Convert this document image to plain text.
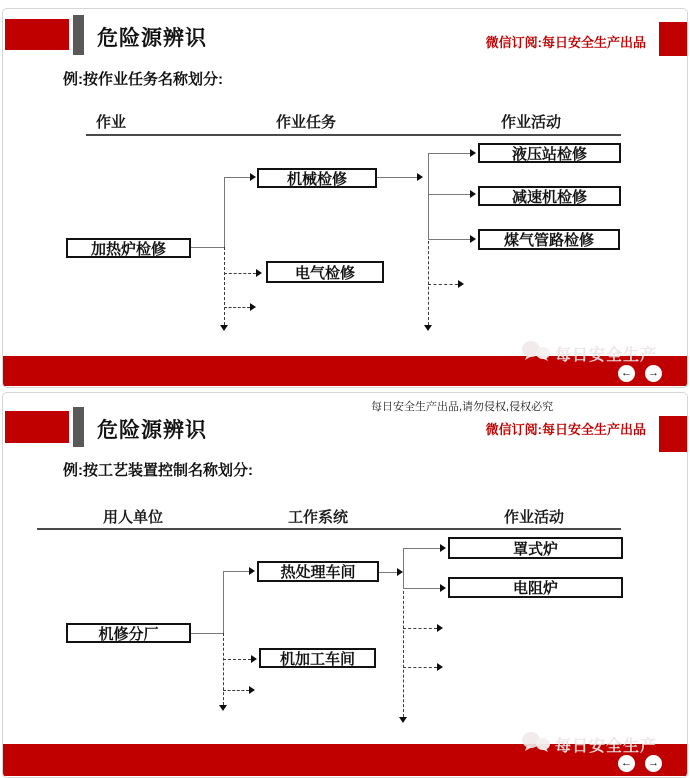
危险源辨识	微信订阅:每日安全生产出品
例:按作业任务名称划分:
作业	作业任务	作业活动
加热炉检修
机械检修
电气检修
液压站检修
减速机检修
煤气管路检修
每日安全生产
← →
每日安全生产出品,请勿侵权,侵权必究
危险源辨识	微信订阅:每日安全生产出品
例:按工艺装置控制名称划分:
用人单位	工作系统	作业活动
机修分厂
热处理车间
机加工车间
罩式炉
电阻炉
每日安全生产
← →
